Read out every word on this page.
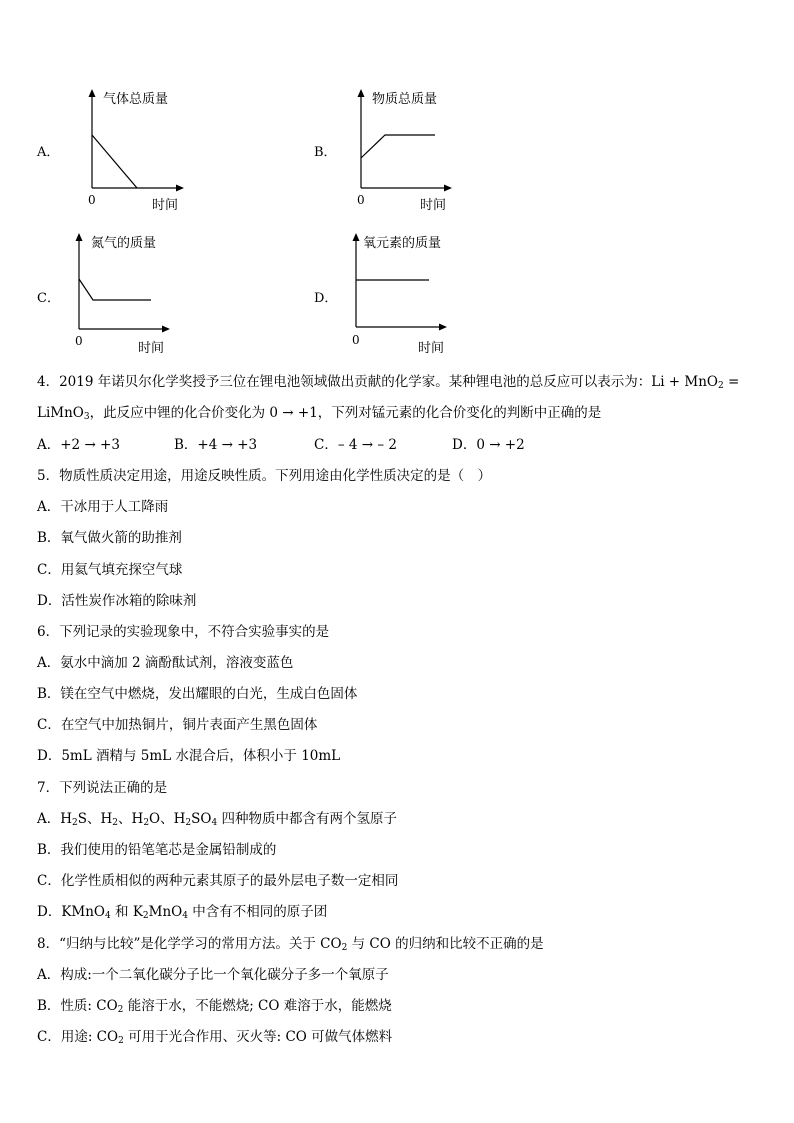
A．
气体总质量
0	时间
B．
物质总质量
0	时间
C．
氮气的质量
0	时间
D．
氧元素的质量
0
时间
4．2019 年诺贝尔化学奖授予三位在锂电池领域做出贡献的化学家。某种锂电池的总反应可以表示为：Li + MnO$_2$ =
LiMnO$_3$，此反应中锂的化合价变化为 0 → +1，下列对锰元素的化合价变化的判断中正确的是
A．+2 → +3	B．+4 → +3	C．– 4 → – 2	D．0 → +2
5．物质性质决定用途，用途反映性质。下列用途由化学性质决定的是（　）
A．干冰用于人工降雨
B．氧气做火箭的助推剂
C．用氦气填充探空气球
D．活性炭作冰箱的除味剂
6．下列记录的实验现象中，不符合实验事实的是
A．氨水中滴加 2 滴酚酞试剂，溶液变蓝色
B．镁在空气中燃烧，发出耀眼的白光，生成白色固体
C．在空气中加热铜片，铜片表面产生黑色固体
D．5mL 酒精与 5mL 水混合后，体积小于 10mL
7．下列说法正确的是
A．$H_2S$、$H_2$、$H_2O$、$H_2SO_4$ 四种物质中都含有两个氢原子
B．我们使用的铅笔笔芯是金属铅制成的
C．化学性质相似的两种元素其原子的最外层电子数一定相同
D．KMnO$_4$ 和 $K_2MnO_4$ 中含有不相同的原子团
8．“归纳与比较”是化学学习的常用方法。关于 $CO_2$ 与 CO 的归纳和比较不正确的是
A．构成:一个二氧化碳分子比一个氧化碳分子多一个氧原子
B．性质: $CO_2$ 能溶于水，不能燃烧; CO 难溶于水，能燃烧
C．用途: $CO_2$ 可用于光合作用、灭火等: CO 可做气体燃料
